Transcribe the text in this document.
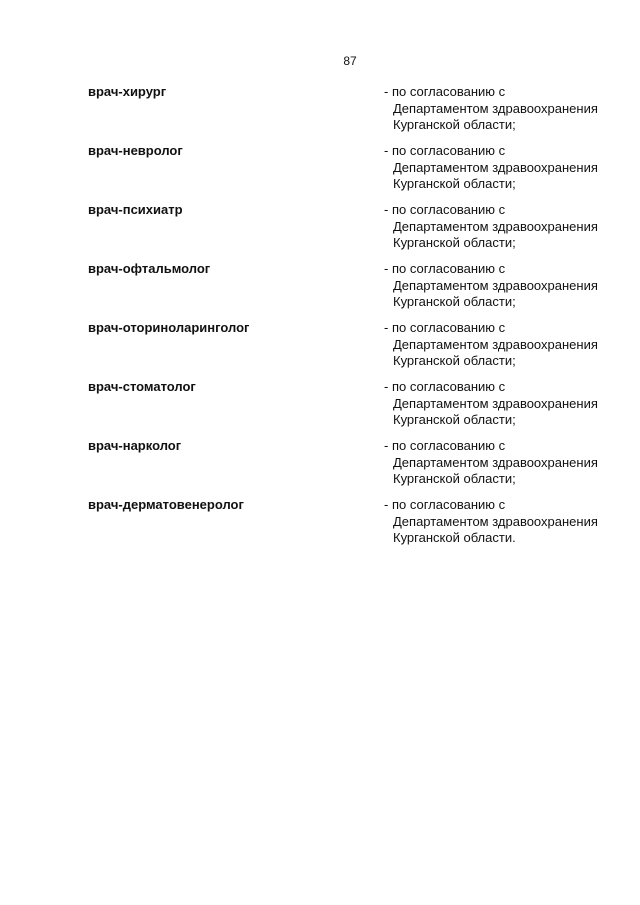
87
врач-хирург	- по согласованию с
Департаментом здравоохранения
Курганской области;
врач-невролог	- по согласованию с
Департаментом здравоохранения
Курганской области;
врач-психиатр	- по согласованию с
Департаментом здравоохранения
Курганской области;
врач-офтальмолог	- по согласованию с
Департаментом здравоохранения
Курганской области;
врач-оториноларинголог	- по согласованию с
Департаментом здравоохранения
Курганской области;
врач-стоматолог	- по согласованию с
Департаментом здравоохранения
Курганской области;
врач-нарколог	- по согласованию с
Департаментом здравоохранения
Курганской области;
врач-дерматовенеролог	- по согласованию с
Департаментом здравоохранения
Курганской области.
